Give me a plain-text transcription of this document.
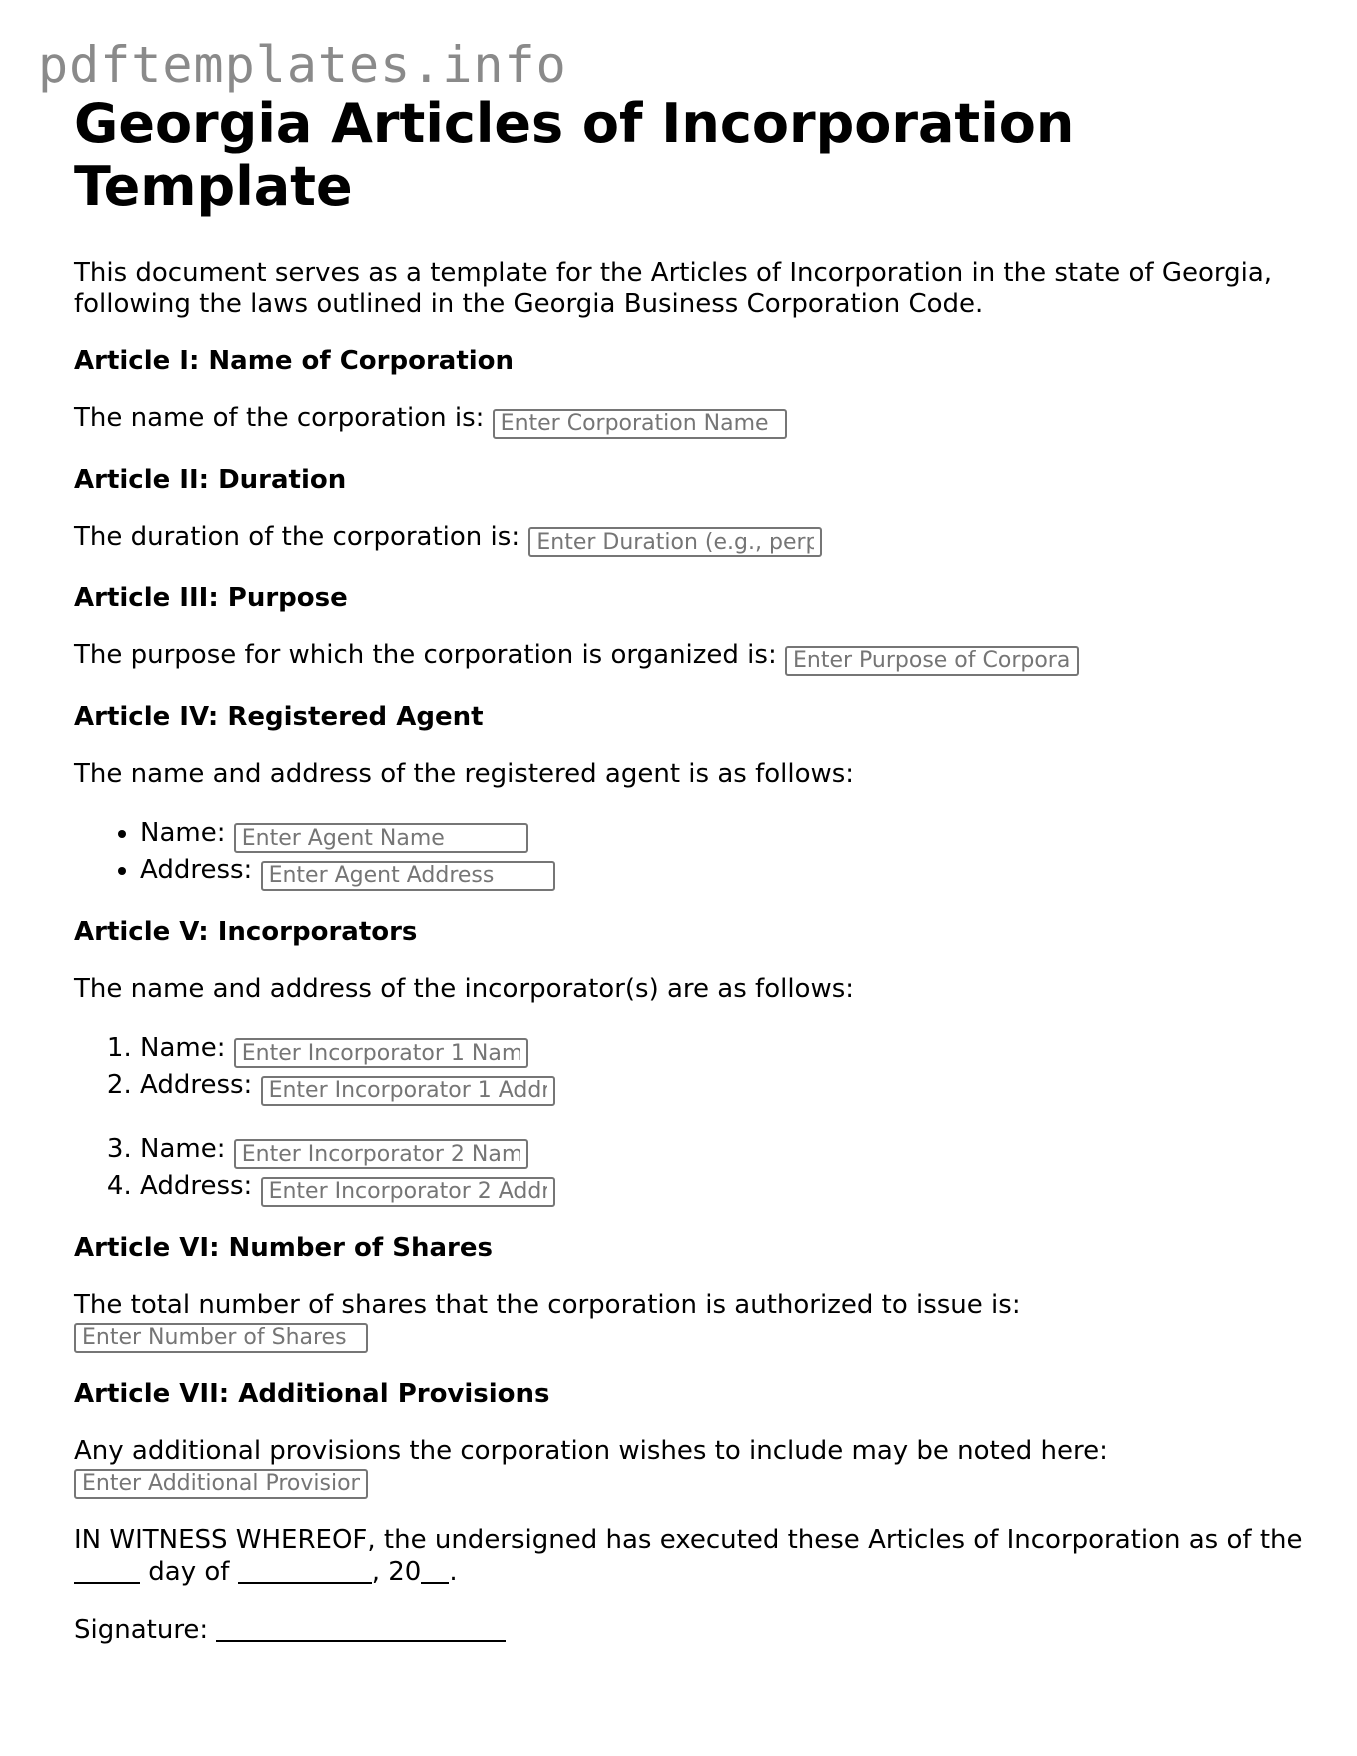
pdftemplates.info
Georgia Articles of Incorporation Template

This document serves as a template for the Articles of Incorporation in the state of Georgia, following the laws outlined in the Georgia Business Corporation Code.

Article I: Name of Corporation

The name of the corporation is: Enter Corporation Name

Article II: Duration

The duration of the corporation is: Enter Duration (e.g., perpetual)

Article III: Purpose

The purpose for which the corporation is organized is: Enter Purpose of Corporation

Article IV: Registered Agent

The name and address of the registered agent is as follows:

• Name: Enter Agent Name
• Address: Enter Agent Address
Article V: Incorporators

The name and address of the incorporator(s) are as follows:

1. Name: Enter Incorporator 1 Name
2. Address: Enter Incorporator 1 Address
3. Name: Enter Incorporator 2 Name
4. Address: Enter Incorporator 2 Address
Article VI: Number of Shares

The total number of shares that the corporation is authorized to issue is:
Enter Number of Shares

Article VII: Additional Provisions

Any additional provisions the corporation wishes to include may be noted here:
Enter Additional Provisions

IN WITNESS WHEREOF, the undersigned has executed these Articles of Incorporation as of the  day of	, 20 .

Signature:
